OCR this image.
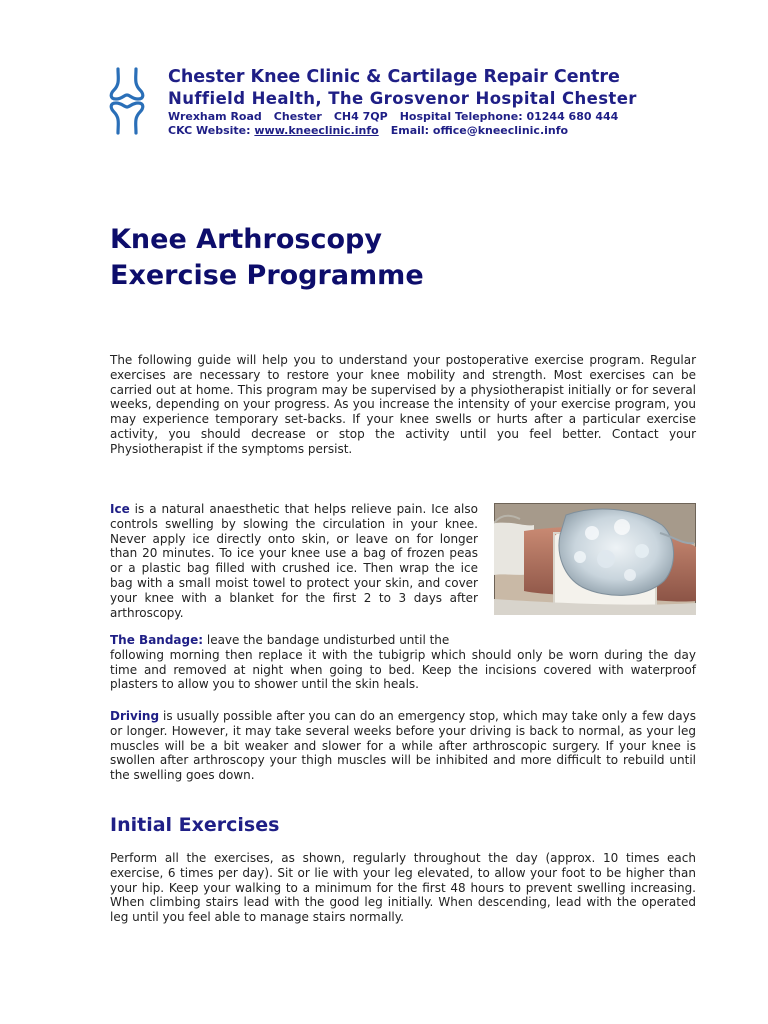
Chester Knee Clinic & Cartilage Repair Centre
Nuffield Health, The Grosvenor Hospital Chester
Wrexham Road Chester CH4 7QP Hospital Telephone: 01244 680 444
CKC Website: www.kneeclinic.info Email: office@kneeclinic.info
Knee Arthroscopy
Exercise Programme
The following guide will help you to understand your postoperative exercise program. Regular exercises are necessary to restore your knee mobility and strength. Most exercises can be carried out at home. This program may be supervised by a physiotherapist initially or for several weeks, depending on your progress. As you increase the intensity of your exercise program, you may experience temporary set-backs. If your knee swells or hurts after a particular exercise activity, you should decrease or stop the activity until you feel better. Contact your Physiotherapist if the symptoms persist.
Ice is a natural anaesthetic that helps relieve pain. Ice also controls swelling by slowing the circulation in your knee. Never apply ice directly onto skin, or leave on for longer than 20 minutes. To ice your knee use a bag of frozen peas or a plastic bag filled with crushed ice. Then wrap the ice bag with a small moist towel to protect your skin, and cover your knee with a blanket for the first 2 to 3 days after arthroscopy.
The Bandage: leave the bandage undisturbed until the
following morning then replace it with the tubigrip which should only be worn during the day time and removed at night when going to bed. Keep the incisions covered with waterproof plasters to allow you to shower until the skin heals.
Driving is usually possible after you can do an emergency stop, which may take only a few days or longer. However, it may take several weeks before your driving is back to normal, as your leg muscles will be a bit weaker and slower for a while after arthroscopic surgery. If your knee is swollen after arthroscopy your thigh muscles will be inhibited and more difficult to rebuild until the swelling goes down.
Initial Exercises
Perform all the exercises, as shown, regularly throughout the day (approx. 10 times each exercise, 6 times per day). Sit or lie with your leg elevated, to allow your foot to be higher than your hip. Keep your walking to a minimum for the first 48 hours to prevent swelling increasing. When climbing stairs lead with the good leg initially. When descending, lead with the operated leg until you feel able to manage stairs normally.
